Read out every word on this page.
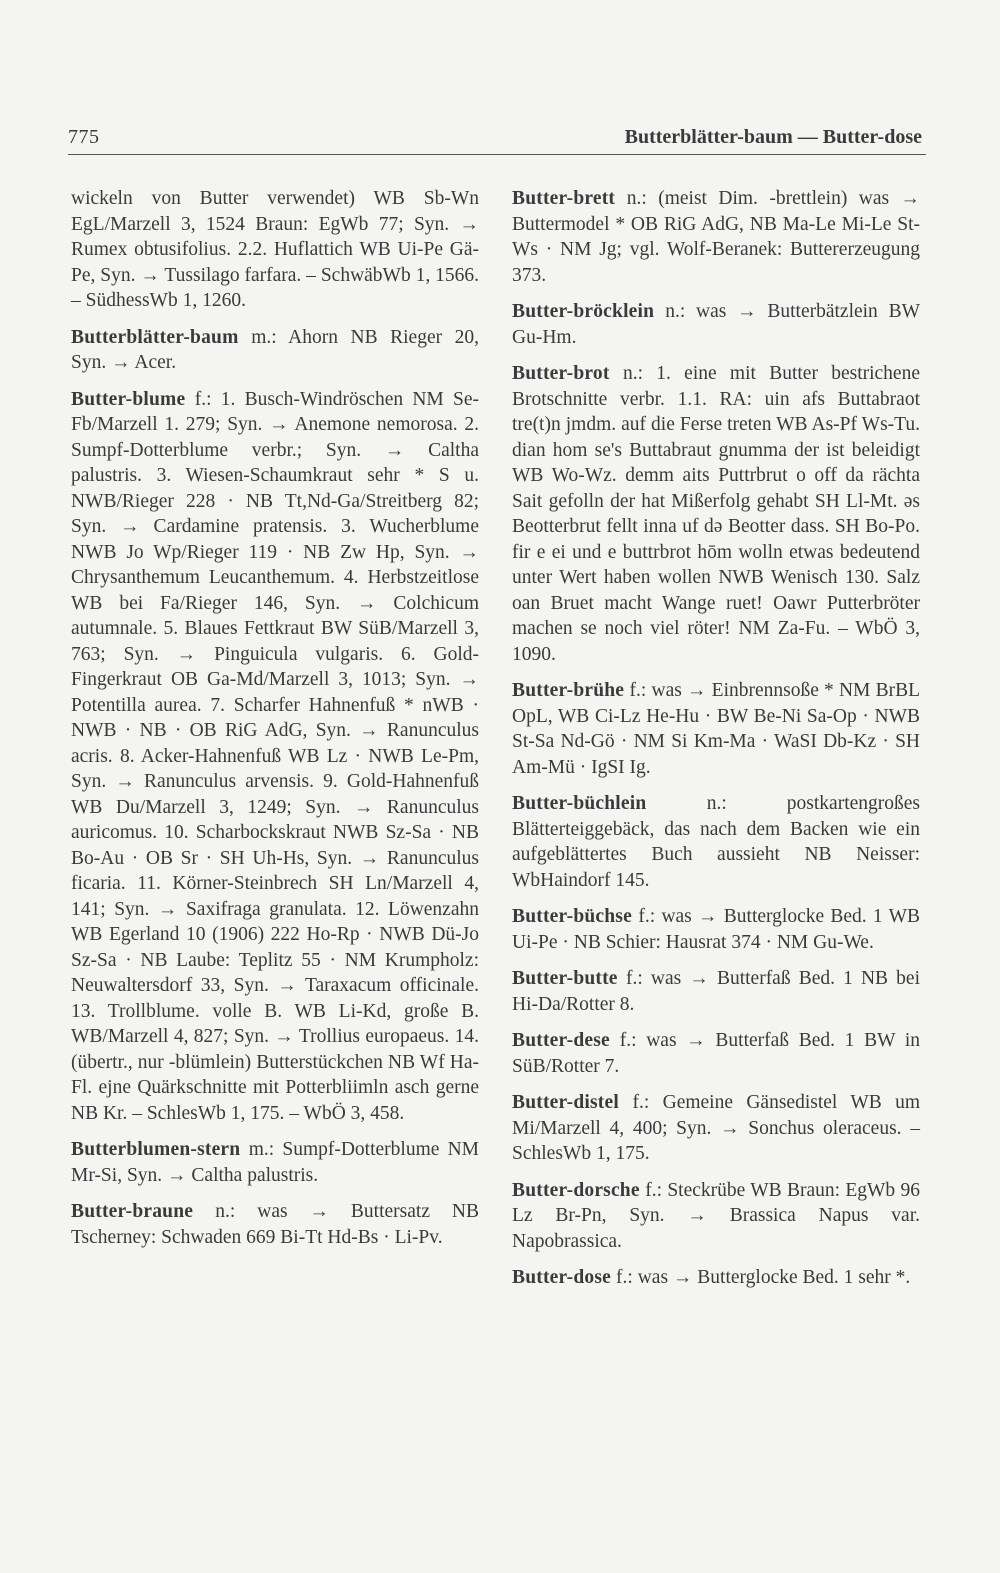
775	Butterblätter-baum — Butter-dose

wickeln von Butter verwendet) WB Sb-Wn EgL/Marzell 3, 1524 Braun: EgWb 77; Syn. → Rumex obtusifolius. 2.2. Huflattich WB Ui-Pe Gä-Pe, Syn. → Tussilago farfara. – SchwäbWb 1, 1566. – SüdhessWb 1, 1260.

Butterblätter-baum m.: Ahorn NB Rieger 20, Syn. → Acer.

Butter-blume f.: 1. Busch-Windröschen NM Se-Fb/Marzell 1. 279; Syn. → Anemone nemorosa. 2. Sumpf-Dotterblume verbr.; Syn. → Caltha palustris. 3. Wiesen-Schaumkraut sehr * S u. NWB/Rieger 228 · NB Tt,Nd-Ga/Streitberg 82; Syn. → Cardamine pratensis. 3. Wucherblume NWB Jo Wp/Rieger 119 · NB Zw Hp, Syn. → Chrysanthemum Leucanthemum. 4. Herbstzeitlose WB bei Fa/Rieger 146, Syn. → Colchicum autumnale. 5. Blaues Fettkraut BW SüB/Marzell 3, 763; Syn. → Pinguicula vulgaris. 6. Gold-Fingerkraut OB Ga-Md/Marzell 3, 1013; Syn. → Potentilla aurea. 7. Scharfer Hahnenfuß * nWB · NWB · NB · OB RiG AdG, Syn. → Ranunculus acris. 8. Acker-Hahnenfuß WB Lz · NWB Le-Pm, Syn. → Ranunculus arvensis. 9. Gold-Hahnenfuß WB Du/Marzell 3, 1249; Syn. → Ranunculus auricomus. 10. Scharbockskraut NWB Sz-Sa · NB Bo-Au · OB Sr · SH Uh-Hs, Syn. → Ranunculus ficaria. 11. Körner-Steinbrech SH Ln/Marzell 4, 141; Syn. → Saxifraga granulata. 12. Löwenzahn WB Egerland 10 (1906) 222 Ho-Rp · NWB Dü-Jo Sz-Sa · NB Laube: Teplitz 55 · NM Krumpholz: Neuwaltersdorf 33, Syn. → Taraxacum officinale. 13. Trollblume. volle B. WB Li-Kd, große B. WB/Marzell 4, 827; Syn. → Trollius europaeus. 14. (übertr., nur -blümlein) Butterstückchen NB Wf Ha-Fl. ejne Quärkschnitte mit Potterbliimln asch gerne NB Kr. – SchlesWb 1, 175. – WbÖ 3, 458.

Butterblumen-stern m.: Sumpf-Dotterblume NM Mr-Si, Syn. → Caltha palustris.

Butter-braune n.: was → Buttersatz NB Tscherney: Schwaden 669 Bi-Tt Hd-Bs · Li-Pv.

Butter-brett n.: (meist Dim. -brettlein) was → Buttermodel * OB RiG AdG, NB Ma-Le Mi-Le St-Ws · NM Jg; vgl. Wolf-Beranek: Buttererzeugung 373.

Butter-bröcklein n.: was → Butterbätzlein BW Gu-Hm.

Butter-brot n.: 1. eine mit Butter bestrichene Brotschnitte verbr. 1.1. RA: uin afs Buttabraot tre(t)n jmdm. auf die Ferse treten WB As-Pf Ws-Tu. dian hom se's Buttabraut gnumma der ist beleidigt WB Wo-Wz. demm aits Puttrbrut o off da rächta Sait gefolln der hat Mißerfolg gehabt SH Ll-Mt. ǝs Beotterbrut fellt inna uf dǝ Beotter dass. SH Bo-Po. fir e ei und e buttrbrot hōm wolln etwas bedeutend unter Wert haben wollen NWB Wenisch 130. Salz oan Bruet macht Wange ruet! Oawr Putterbröter machen se noch viel röter! NM Za-Fu. – WbÖ 3, 1090.

Butter-brühe f.: was → Einbrennsoße * NM BrBL OpL, WB Ci-Lz He-Hu · BW Be-Ni Sa-Op · NWB St-Sa Nd-Gö · NM Si Km-Ma · WaSI Db-Kz · SH Am-Mü · IgSI Ig.

Butter-büchlein	n.: postkartengroßes Blätterteiggebäck, das nach dem Backen wie ein aufgeblättertes Buch aussieht NB Neisser: WbHaindorf 145.

Butter-büchse f.: was → Butterglocke Bed. 1 WB Ui-Pe · NB Schier: Hausrat 374 · NM Gu-We.

Butter-butte f.: was → Butterfaß Bed. 1 NB bei Hi-Da/Rotter 8.

Butter-dese f.: was → Butterfaß Bed. 1 BW in SüB/Rotter 7.

Butter-distel f.: Gemeine Gänsedistel WB um Mi/Marzell 4, 400; Syn. → Sonchus oleraceus. – SchlesWb 1, 175.

Butter-dorsche f.: Steckrübe WB Braun: EgWb 96 Lz Br-Pn, Syn. → Brassica Napus var. Napobrassica.

Butter-dose f.: was → Butterglocke Bed. 1 sehr *.
